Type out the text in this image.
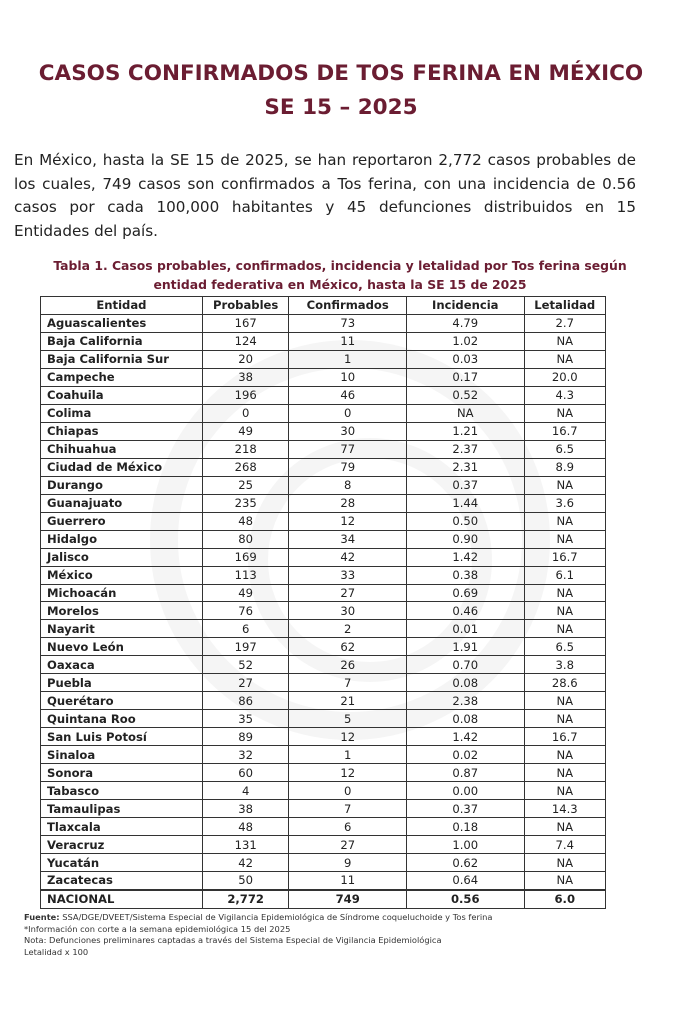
CASOS CONFIRMADOS DE TOS FERINA EN MÉXICO
SE 15 – 2025

En México, hasta la SE 15 de 2025, se han reportaron 2,772 casos probables de los cuales, 749 casos son confirmados a Tos ferina, con una incidencia de 0.56 casos por cada 100,000 habitantes y 45 defunciones distribuidos en 15 Entidades del país.

Tabla 1. Casos probables, confirmados, incidencia y letalidad por Tos ferina según
entidad federativa en México, hasta la SE 15 de 2025

Entidad	Probables	Confirmados	Incidencia	Letalidad
Aguascalientes	167	73	4.79	2.7
Baja California	124	11	1.02	NA
Baja California Sur	20	1	0.03	NA
Campeche	38	10	0.17	20.0
Coahuila	196	46	0.52	4.3
Colima	0	0	NA	NA
Chiapas	49	30	1.21	16.7
Chihuahua	218	77	2.37	6.5
Ciudad de México	268	79	2.31	8.9
Durango	25	8	0.37	NA
Guanajuato	235	28	1.44	3.6
Guerrero	48	12	0.50	NA
Hidalgo	80	34	0.90	NA
Jalisco	169	42	1.42	16.7
México	113	33	0.38	6.1
Michoacán	49	27	0.69	NA
Morelos	76	30	0.46	NA
Nayarit	6	2	0.01	NA
Nuevo León	197	62	1.91	6.5
Oaxaca	52	26	0.70	3.8
Puebla	27	7	0.08	28.6
Querétaro	86	21	2.38	NA
Quintana Roo	35	5	0.08	NA
San Luis Potosí	89	12	1.42	16.7
Sinaloa	32	1	0.02	NA
Sonora	60	12	0.87	NA
Tabasco	4	0	0.00	NA
Tamaulipas	38	7	0.37	14.3
Tlaxcala	48	6	0.18	NA
Veracruz	131	27	1.00	7.4
Yucatán	42	9	0.62	NA
Zacatecas	50	11	0.64	NA
NACIONAL	2,772	749	0.56	6.0
Fuente: SSA/DGE/DVEET/Sistema Especial de Vigilancia Epidemiológica de Síndrome coqueluchoide y Tos ferina
*Información con corte a la semana epidemiológica 15 del 2025
Nota: Defunciones preliminares captadas a través del Sistema Especial de Vigilancia Epidemiológica
Letalidad x 100
